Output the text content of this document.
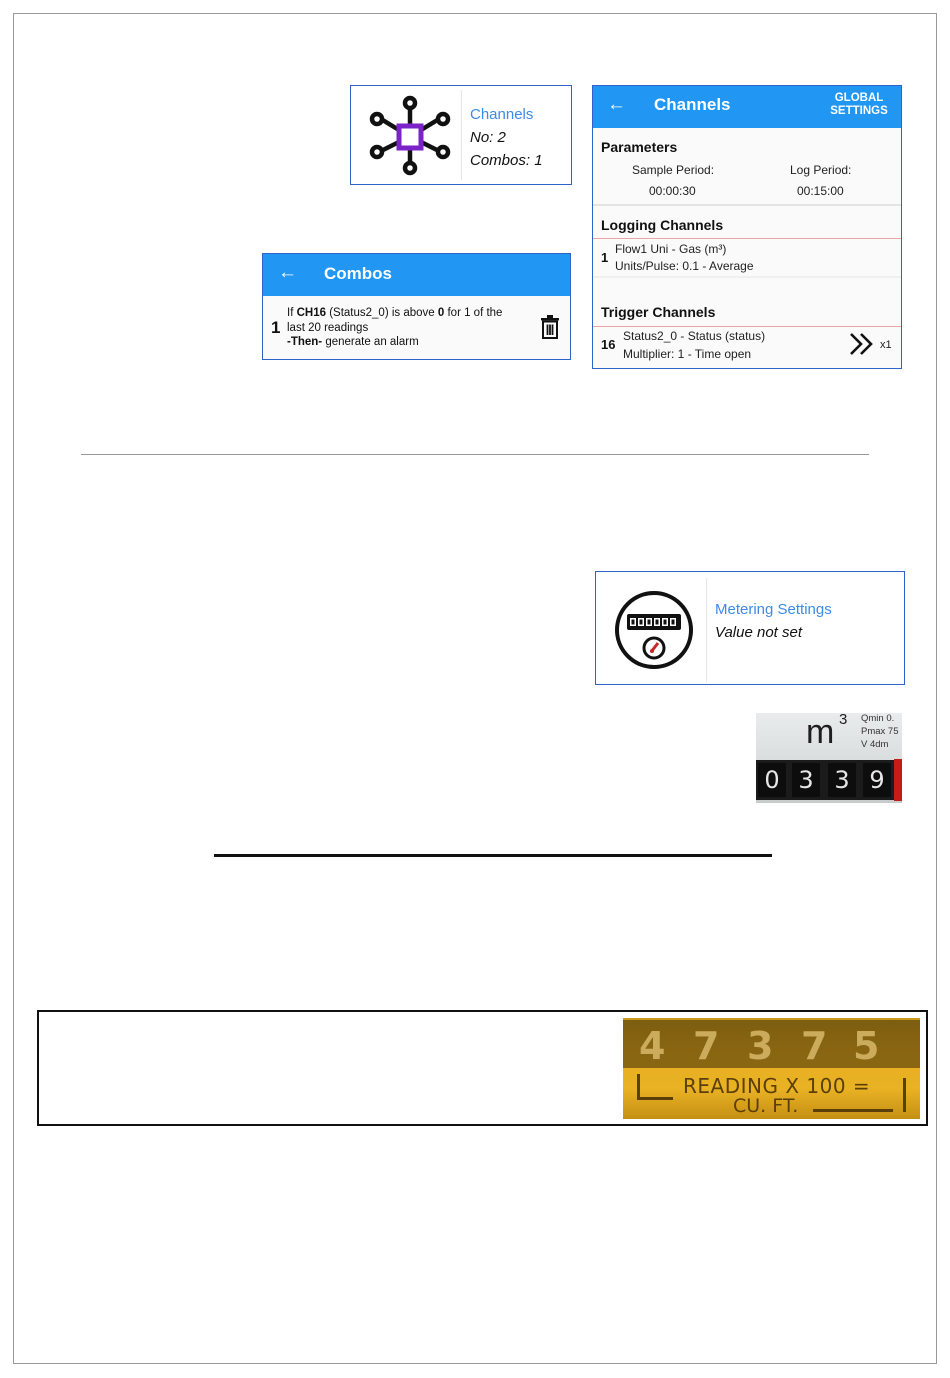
Channels
No: 2
Combos: 1
← Channels	GLOBAL
SETTINGS
Parameters
Sample Period:
00:00:30
Log Period:
00:15:00
Logging Channels
1
Flow1 Uni - Gas (m³)
Units/Pulse: 0.1 - Average
Trigger Channels
16
Status2_0 - Status (status)
Multiplier: 1 - Time open
x1
← Combos
1
If CH16 (Status2_0) is above 0 for 1 of the
last 20 readings
-Then- generate an alarm
Metering Settings
Value not set
m 3 Qmin 0.
Pmax 75
V 4dm
0 3 3 9
4 7 3 7 5
READING X 100 =
CU. FT.
